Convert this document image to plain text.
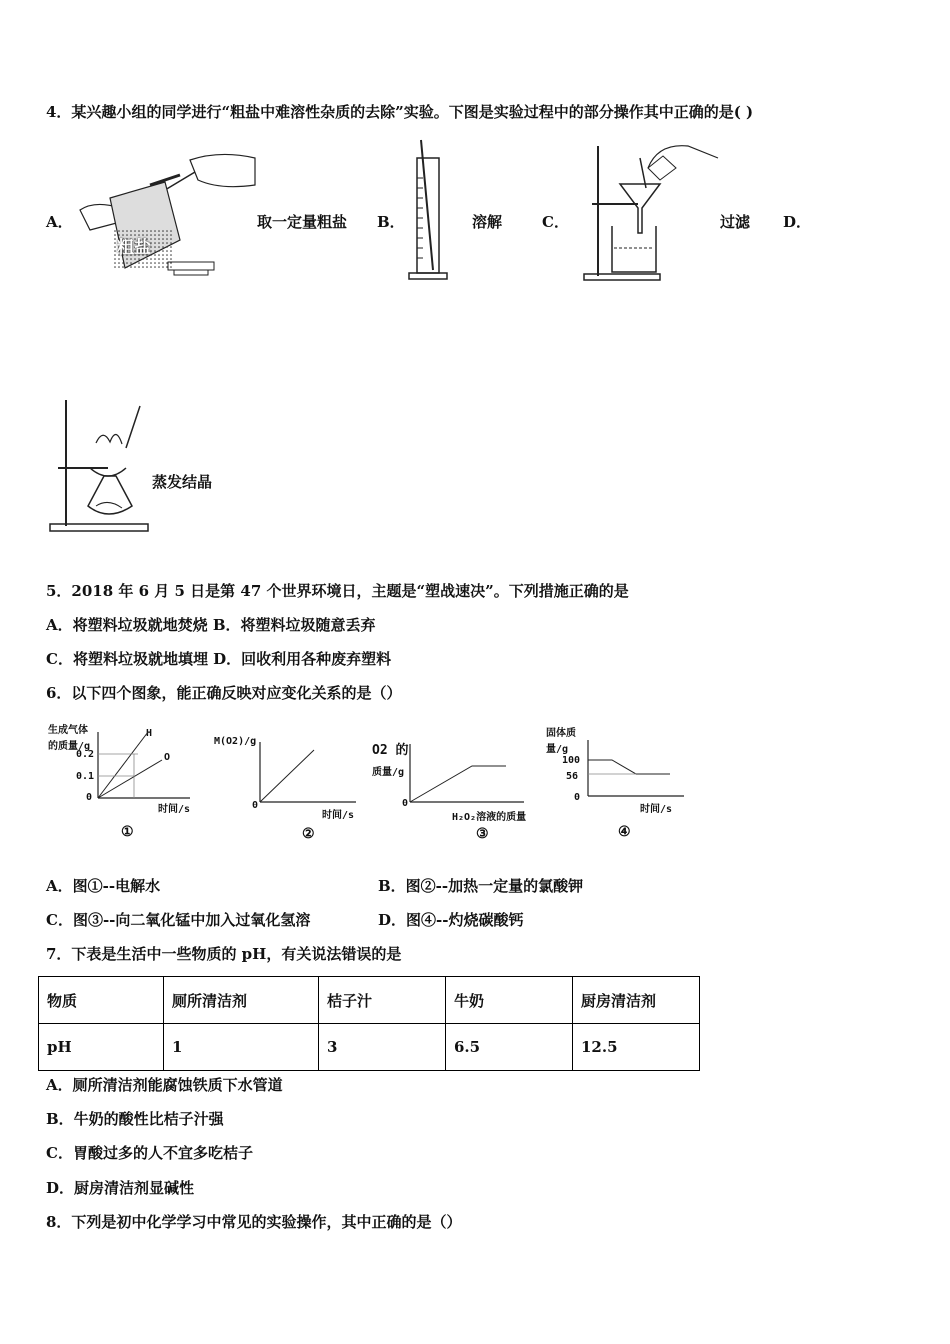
4．某兴趣小组的同学进行“粗盐中难溶性杂质的去除”实验。下图是实验过程中的部分操作其中正确的是( )
A．
粗盐
取一定量粗盐 B．	溶解	C．	过滤 D．
蒸发结晶
5．2018 年 6 月 5 日是第 47 个世界环境日，主题是“塑战速决”。下列措施正确的是
A．将塑料垃圾就地焚烧 B．将塑料垃圾随意丢弃
C．将塑料垃圾就地填埋 D．回收利用各种废弃塑料
6．以下四个图象，能正确反映对应变化关系的是（）
生成气体
的质量/g
0.2
0.1
0
H
O
时间/s
①
M(O2)/g
0
时间/s
②
O2 的
质量/g
0
H₂O₂溶液的质量
③
固体质
量/g
100
56
0
时间/s
④
A．图①--电解水	B．图②--加热一定量的氯酸钾
C．图③--向二氧化锰中加入过氧化氢溶	D．图④--灼烧碳酸钙
7．下表是生活中一些物质的 pH，有关说法错误的是
物质	厕所清洁剂	桔子汁	牛奶	厨房清洁剂
pH	1	3	6.5	12.5
A．厕所清洁剂能腐蚀铁质下水管道
B．牛奶的酸性比桔子汁强
C．胃酸过多的人不宜多吃桔子
D．厨房清洁剂显碱性
8．下列是初中化学学习中常见的实验操作，其中正确的是（）
